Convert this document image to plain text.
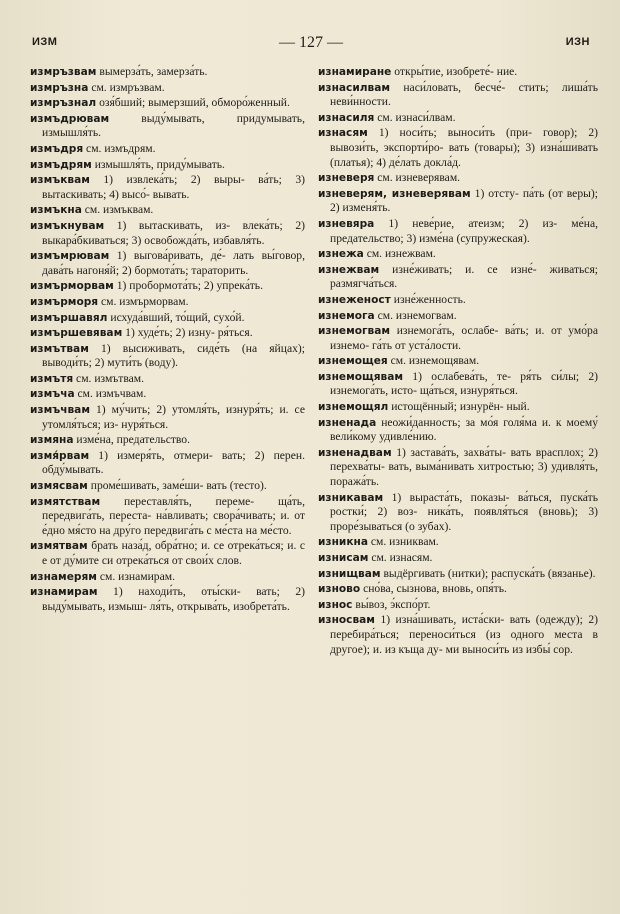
ИЗМ	— 127 —	ИЗН
измръзвам вымерза́ть, замерза́ть.
измръзна см. измръзвам.
измръзнал озя́бший; вымерзший, обморо́женный.
измъдрювам	выду́мывать, придумывать, измышля́ть.
измъдря см. измъдрям.
измъдрям измышля́ть, приду́мывать.
измъквам 1) извлека́ть; 2) выры- ва́ть; 3) вытаскивать; 4) высо́- вывать.
измъкна см. измъквам.
измъкнувам 1) вытаскивать, из- влека́ть; 2) выкара́бкиваться; 3) освобожда́ть, избавля́ть.
измъмрювам 1) выгова́ривать, де́- лать вы́говор, дава́ть нагоня́й; 2) бормота́ть; тараторить.
измърморвам 1) пробормота́ть; 2) упрека́ть.
измърморя см. измърморвам.
измършавял исхуда́вший, то́щий, сухо́й.
измършевявам 1) худе́ть; 2) изну- ря́ться.
измътвам 1) высиживать, сиде́ть (на яйцах); выводи́ть; 2) мути́ть (воду).
измътя см. измътвам.
измъча см. измъчвам.
измъчвам 1) му́чить; 2) утомля́ть, изнуря́ть; и. се утомля́ться; из- нуря́ться.
измяна изме́на, предательство.
измя́рвам 1) измеря́ть, отмери- вать; 2) перен. обду́мывать.
измясвам проме́шивать, заме́ши- вать (тесто).
измятствам переставля́ть, переме- ща́ть, передвига́ть, переста- на́вливать; свора́чивать; и. от е́дно мя́сто на дру́го передвига́ть с ме́ста на ме́сто.
измятвам брать наза́д, обра́тно; и. се отрека́ться; и. с е от ду́мите си отрека́ться от свои́х слов.
изнамерям см. изнамирам.
изнамирам 1) находи́ть, оты́ски- вать; 2) выду́мывать, измыш- ля́ть, открыва́ть, изобрета́ть.
изнамиране откры́тие, изобрете́- ние.
изнасилвам наси́ловать, бесче́- стить; лиша́ть неви́нности.
изнасиля см. изнаси́лвам.
изнасям 1) носи́ть; выноси́ть (при- говор); 2) вывози́ть, экспорти́ро- вать (товары); 3) изна́шивать (платья); 4) де́лать докла́д.
изневеря см. изневерявам.
изневерям, изневерявам 1) отсту- па́ть (от веры); 2) изменя́ть.
изневяра 1) неве́рие, атеизм; 2) из- ме́на, предательство; 3) изме́на (супружеская).
изнежа см. изнежвам.
изнежвам изне́живать; и. се изне́- живаться; размягча́ться.
изнеженост изне́женность.
изнемога см. изнемогвам.
изнемогвам изнемога́ть, ослабе- ва́ть; и. от умо́ра изнемо- га́ть от уста́лости.
изнемощея см. изнемощявам.
изнемощявам 1) ослабева́ть, те- ря́ть си́лы; 2) изнемога́ть, исто- ща́ться, изнуря́ться.
изнемощял истощённый; изнурён- ный.
изненада неожи́данность; за мо́я голя́ма и. к моему́ вели́кому удивле́нию.
изненадвам 1) застава́ть, захва́ты- вать врасплох; 2) перехва́ты- вать, выма́нивать хитростью; 3) удивля́ть, поража́ть.
изникавам 1) выраста́ть, показы- ва́ться, пуска́ть ростки́; 2) воз- ника́ть, появля́ться (вновь); 3) проре́зываться (о зубах).
изникна см. изниквам.
изнисам см. изнасям.
изнищвам выдёргивать (нитки); распуска́ть (вязанье).
изново сно́ва, сызнова, вновь, опя́ть.
износ вы́воз, э́кспо́рт.
износвам 1) изна́шивать, иста́ски- вать (одежду); 2) перебира́ться; переноси́ться (из одного места в другое); и. из къща ду- ми выноси́ть из избы́ сор.
